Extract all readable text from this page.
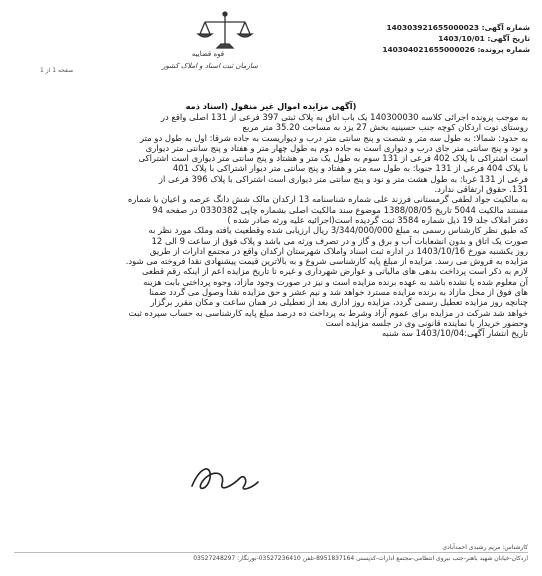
شماره آگهی: 140303921655000023
تاریخ آگهی: 1403/10/01
شماره پرونده: 140304021655000026
قوه قضاییه
سازمان ثبت اسناد و املاک کشور
صفحه 1 از 1
(آگهی مزایده اموال غیر منقول (اسناد ذمه
به موجب پرونده اجرائی کلاسه 140300030 یک باب اتاق به پلاک ثبتی 397 فرعی از 131 اصلی واقع در
روستای توت اردکان کوچه جنب حسینیه بخش 27 یزد به مساحت 35.20 متر مربع
به حدود: شمالا: به طول سه متر و شصت و پنج سانتی متر درب و دیواریست به جاده شرقا: اول به طول دو متر
و نود و پنج سانتی متر جای درب و دیوارى است به جاده دوم به طول چهار متر و هفتاد و پنج سانتی متر دیواری
است اشتراکی با پلاک 402 فرعی از 131 سوم به طول یک متر و هشتاد و پنج سانتی متر دیواری است اشتراکی
با پلاک 404 فرعی از 131 جنوبا: به طول سه متر و هفتاد و پنج سانتی متر دیوار اشتراکی با پلاک 401
فرعی از 131 غربا: به طول هشت متر و نود و پنج سانتی متر دیواری است اشتراکی با پلاک 396 فرعی از
131. حقوق ارتفاقی ندارد.
به مالکیت جواد لطفی گرمستانی فرزند علی شماره شناسنامه 13 ارکدان مالک شش دانگ عرصه و اعیان با شماره
مستند مالکیت 5044 تاریخ 1388/08/05 موضوع سند مالکیت اصلی بشماره چاپی 0330382 در صفحه 94
دفتر املاک جلد 19 ذیل شماره 3584 ثبت گردیده است(اجرائیه علیه ورثه صادر شده )
که طبق نظر کارشناس رسمی به مبلغ 3/344/000/000 ریال ارزیابی شده وقطعیت یافته وملک مورد نظر به
صورت یک اتاق و بدون انشعابات آب و برق و گاز و در تصرف ورثه می باشد و پلاک فوق از ساعت 9 الی 12
روز یکشنبه مورخ 1403/10/16 در اداره ثبت اسناد واملاک شهرستان ارکدان واقع در مجتمع ادارات از طریق
مزایده به فروش می رسد. مزایده از مبلغ پایه کارشناسی شروع و به بالاترین قیمت پیشنهادی نقدا فروخته می شود.
لازم به ذکر است پرداخت بدهی های مالیاتی و عوارض شهرداری و غیره تا تاریخ مزایده اعم از اینکه رقم قطعی
آن معلوم شده یا نشده باشد به عهده برنده مزایده است و نیز در صورت وجود مازاد، وجوه پرداختی بابت هزینه
های فوق از محل مازاد به برنده مزایده مسترد خواهد شد و نیم عشر و حق مزایده نقدا وصول می گردد ضمنا
چنانچه روز مزایده تعطیل رسمی گردد، مزایده روز اداری بعد از تعطیلی در همان ساعت و مکان مقرر برگزار
خواهد شد شرکت در مزایده برای عموم آزاد وشرط به پرداخت ده درصد مبلغ پایه کارشناسی به حساب سپرده ثبت
وحضور خریدار یا نماینده قانونی وی در جلسه مزایده است
تاریخ انتشار آگهی:1403/10/04 سه شنبه
کارشناس: مریم رشیدی احمدآبادی
اردکان-خیابان شهید باهنر-جنب نیروی انتظامی-مجتمع ادارات-کدپستی 8951837164-تلفن 03527236410-نورنگار: 03527248297
